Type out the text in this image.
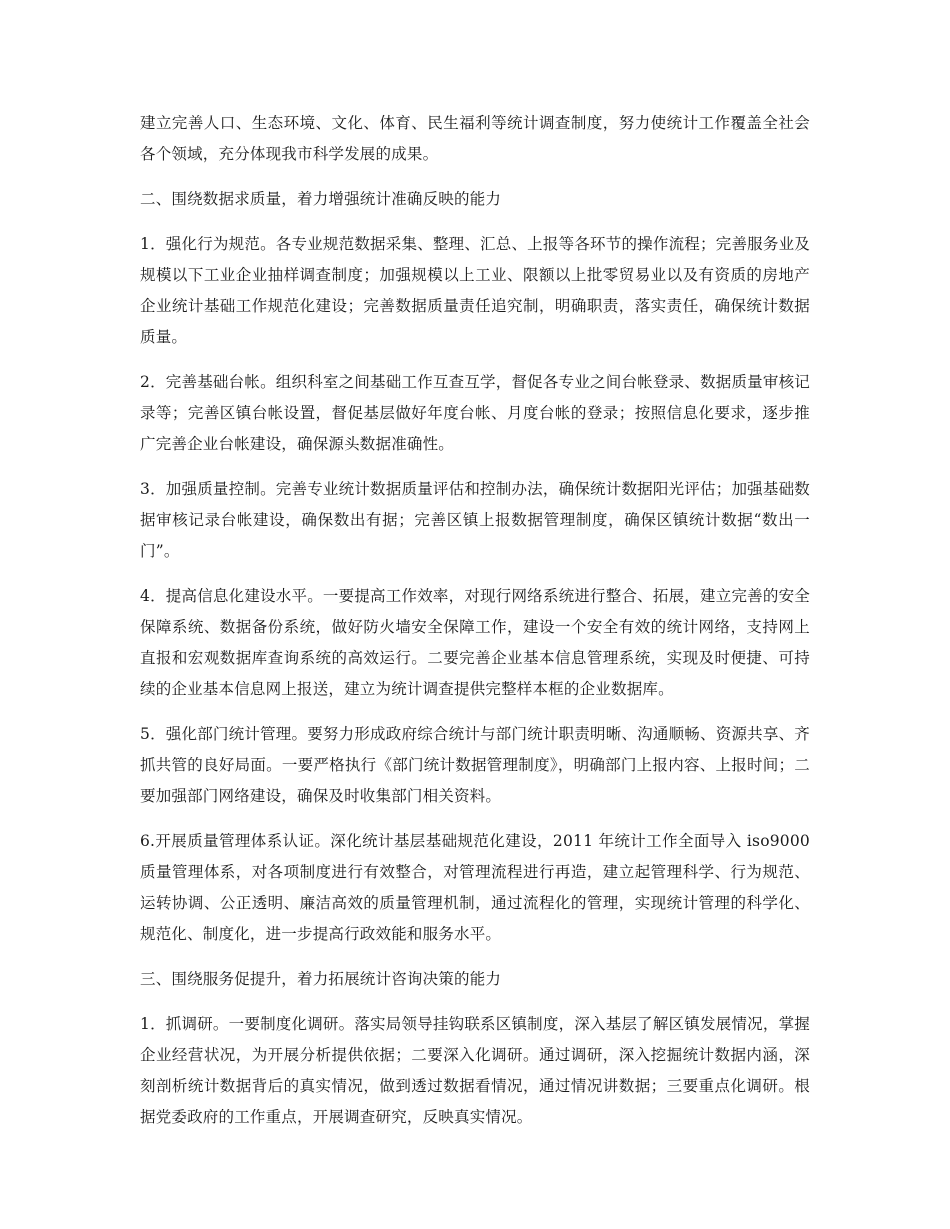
建立完善人口、生态环境、文化、体育、民生福利等统计调查制度，努力使统计工作覆盖全社会各个领域，充分体现我市科学发展的成果。

二、围绕数据求质量，着力增强统计准确反映的能力

1．强化行为规范。各专业规范数据采集、整理、汇总、上报等各环节的操作流程；完善服务业及规模以下工业企业抽样调查制度；加强规模以上工业、限额以上批零贸易业以及有资质的房地产企业统计基础工作规范化建设；完善数据质量责任追究制，明确职责，落实责任，确保统计数据质量。

2．完善基础台帐。组织科室之间基础工作互查互学，督促各专业之间台帐登录、数据质量审核记录等；完善区镇台帐设置，督促基层做好年度台帐、月度台帐的登录；按照信息化要求，逐步推广完善企业台帐建设，确保源头数据准确性。

3．加强质量控制。完善专业统计数据质量评估和控制办法，确保统计数据阳光评估；加强基础数据审核记录台帐建设，确保数出有据；完善区镇上报数据管理制度，确保区镇统计数据“数出一门”。

4．提高信息化建设水平。一要提高工作效率，对现行网络系统进行整合、拓展，建立完善的安全保障系统、数据备份系统，做好防火墙安全保障工作，建设一个安全有效的统计网络，支持网上直报和宏观数据库查询系统的高效运行。二要完善企业基本信息管理系统，实现及时便捷、可持续的企业基本信息网上报送，建立为统计调查提供完整样本框的企业数据库。

5．强化部门统计管理。要努力形成政府综合统计与部门统计职责明晰、沟通顺畅、资源共享、齐抓共管的良好局面。一要严格执行《部门统计数据管理制度》，明确部门上报内容、上报时间；二要加强部门网络建设，确保及时收集部门相关资料。

6.开展质量管理体系认证。深化统计基层基础规范化建设，2011 年统计工作全面导入 iso9000 质量管理体系，对各项制度进行有效整合，对管理流程进行再造，建立起管理科学、行为规范、运转协调、公正透明、廉洁高效的质量管理机制，通过流程化的管理，实现统计管理的科学化、规范化、制度化，进一步提高行政效能和服务水平。

三、围绕服务促提升，着力拓展统计咨询决策的能力

1．抓调研。一要制度化调研。落实局领导挂钩联系区镇制度，深入基层了解区镇发展情况，掌握企业经营状况，为开展分析提供依据；二要深入化调研。通过调研，深入挖掘统计数据内涵，深刻剖析统计数据背后的真实情况，做到透过数据看情况，通过情况讲数据；三要重点化调研。根据党委政府的工作重点，开展调查研究，反映真实情况。
